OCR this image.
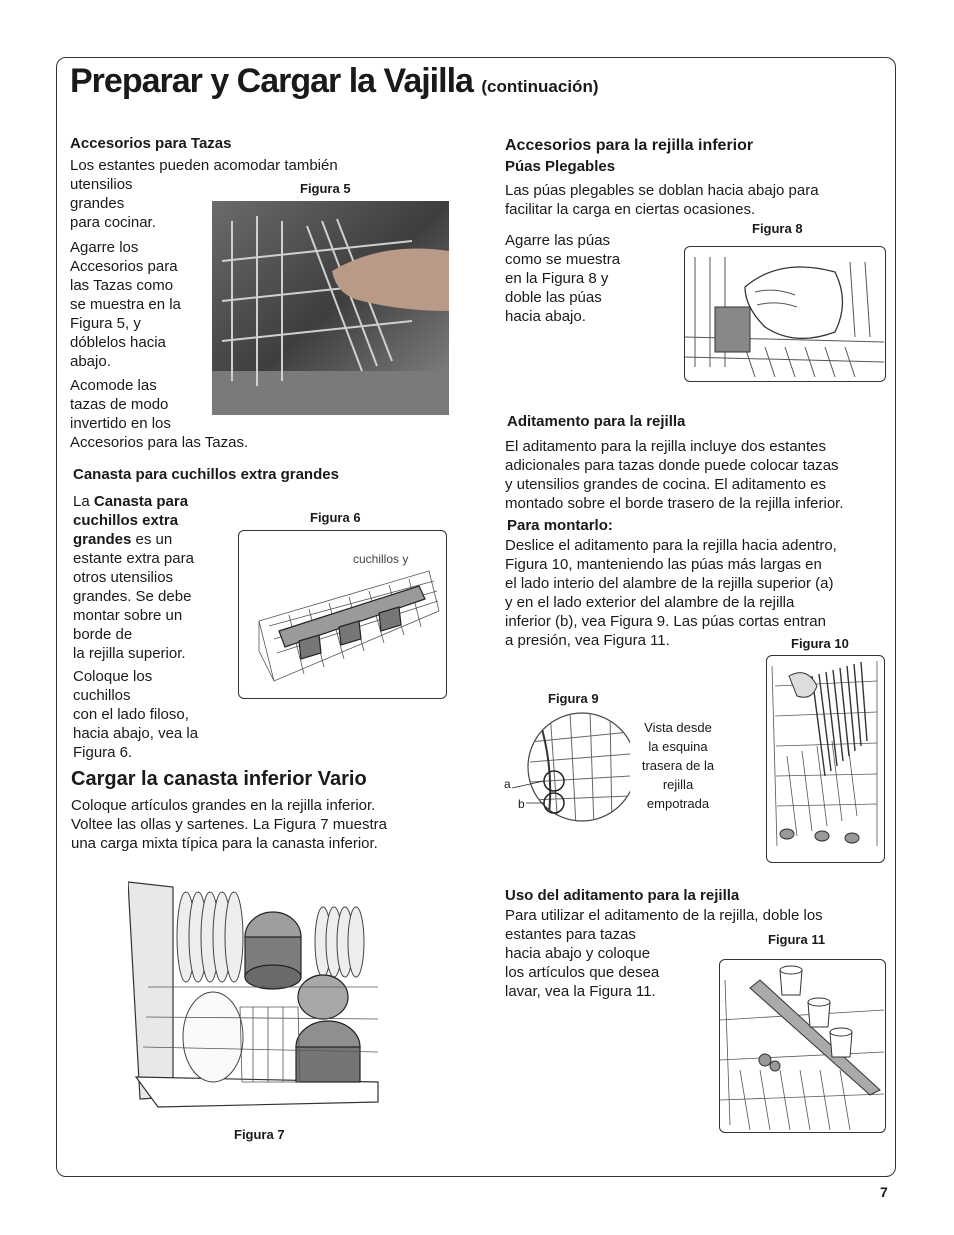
Preparar y Cargar la Vajilla (continuación)
Accesorios para Tazas
Los estantes pueden acomodar también
utensilios
grandes
para cocinar.
Agarre los
Accesorios para
las Tazas como
se muestra en la
Figura 5, y
dóblelos hacia
abajo.
Acomode las
tazas de modo
invertido en los
Accesorios para las Tazas.
Figura 5
Canasta para cuchillos extra grandes
La Canasta para
cuchillos extra
grandes es un
estante extra para
otros utensilios
grandes. Se debe
montar sobre un
borde de
la rejilla superior.
Coloque los
cuchillos
con el lado filoso,
hacia abajo, vea la
Figura 6.
Figura 6
cuchillos y
Cargar la canasta inferior Vario
Coloque artículos grandes en la rejilla inferior.
Voltee las ollas y sartenes. La Figura 7 muestra
una carga mixta típica para la canasta inferior.
Figura 7
Accesorios para la rejilla inferior
Púas Plegables
Las púas plegables se doblan hacia abajo para
facilitar la carga en ciertas ocasiones.
Agarre las púas
como se muestra
en la Figura 8 y
doble las púas
hacia abajo.
Figura 8
Aditamento para la rejilla
El aditamento para la rejilla incluye dos estantes
adicionales para tazas donde puede colocar tazas
y utensilios grandes de cocina. El aditamento es
montado sobre el borde trasero de la rejilla inferior.
Para montarlo:
Deslice el aditamento para la rejilla hacia adentro,
Figura 10, manteniendo las púas más largas en
el lado interio del alambre de la rejilla superior (a)
y en el lado exterior del alambre de la rejilla
inferior (b), vea Figura 9. Las púas cortas entran
a presión, vea Figura 11.
Figura 9
a
b
Vista desde
la esquina
trasera de la
rejilla
empotrada
Figura 10
Uso del aditamento para la rejilla
Para utilizar el aditamento de la rejilla, doble los
estantes para tazas
hacia abajo y coloque
los artículos que desea
lavar, vea la Figura 11.
Figura 11
7
